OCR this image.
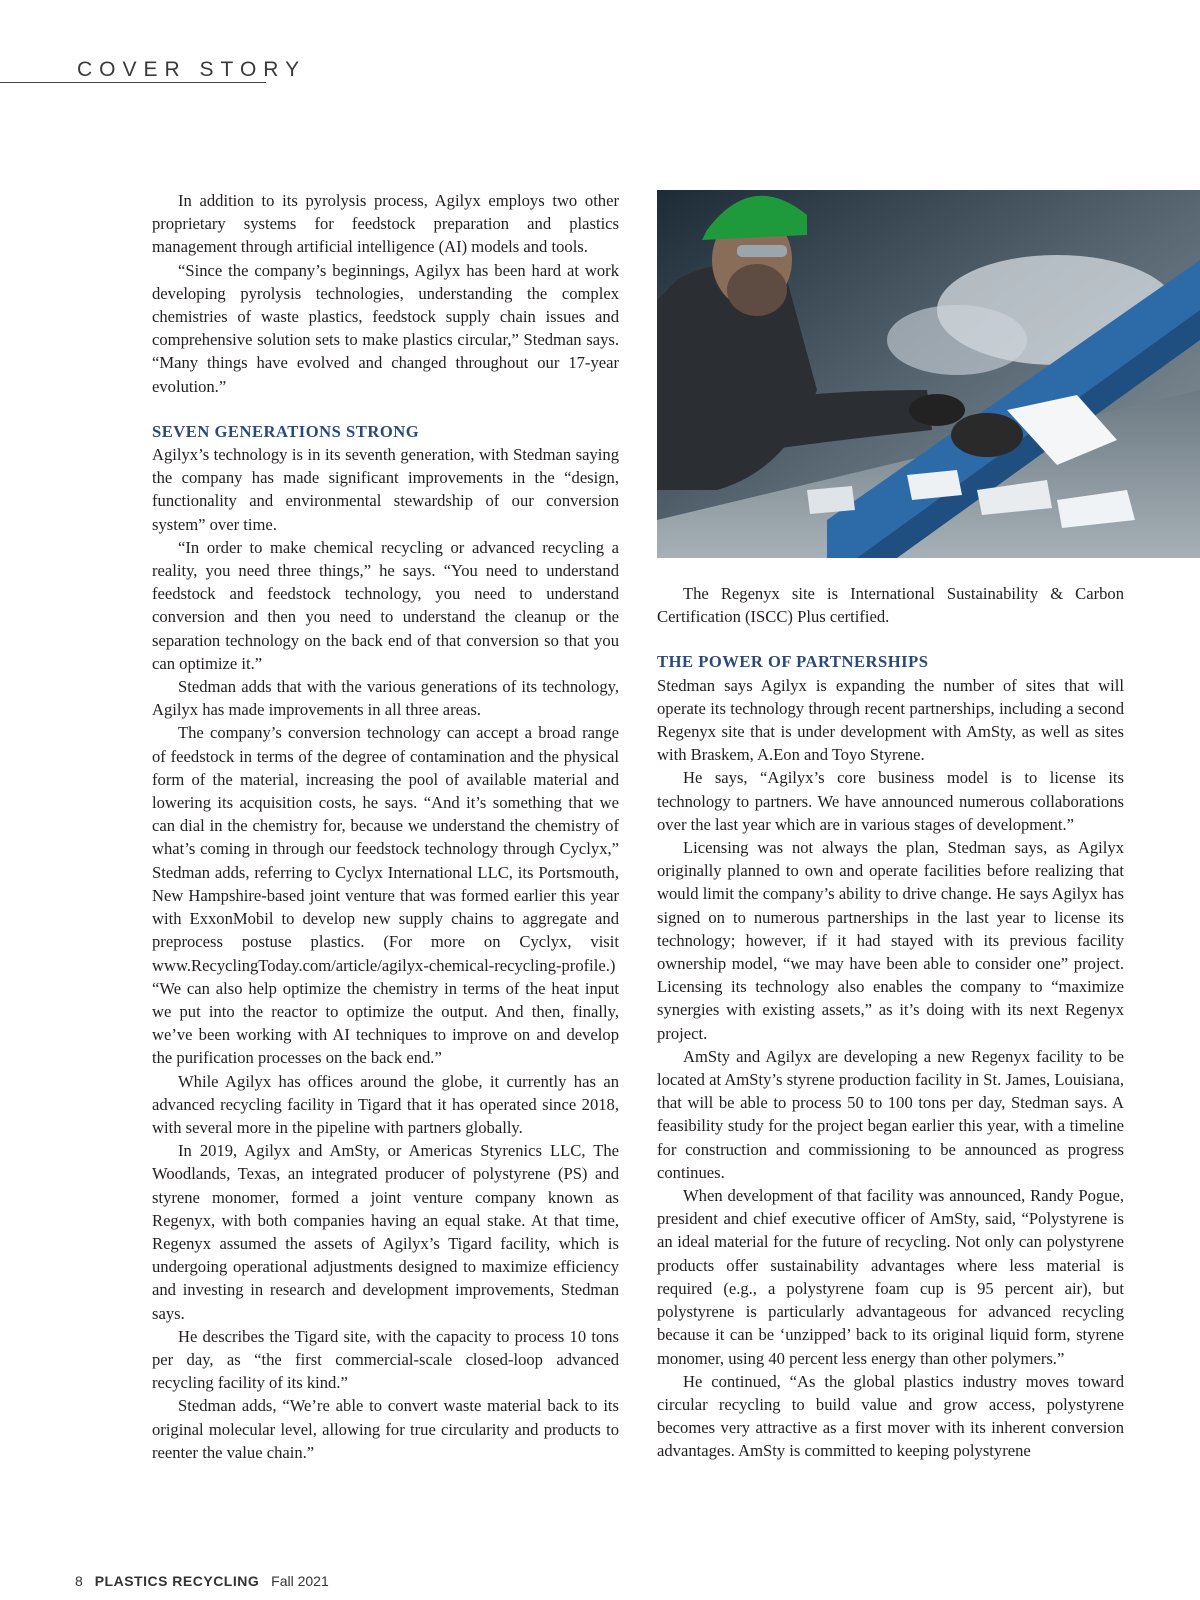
COVER STORY

In addition to its pyrolysis process, Agilyx employs two other proprietary systems for feedstock preparation and plastics management through artificial intelligence (AI) models and tools.

“Since the company’s beginnings, Agilyx has been hard at work developing pyrolysis technologies, understanding the complex chemistries of waste plastics, feedstock supply chain issues and comprehensive solution sets to make plastics circular,” Stedman says. “Many things have evolved and changed throughout our 17-year evolution.”

SEVEN GENERATIONS STRONG

Agilyx’s technology is in its seventh generation, with Stedman saying the company has made significant improvements in the “design, functionality and environmental stewardship of our conversion system” over time.

“In order to make chemical recycling or advanced recycling a reality, you need three things,” he says. “You need to understand feedstock and feedstock technology, you need to understand conversion and then you need to understand the cleanup or the separation technology on the back end of that conversion so that you can optimize it.”

Stedman adds that with the various generations of its technology, Agilyx has made improvements in all three areas.

The company’s conversion technology can accept a broad range of feedstock in terms of the degree of contamination and the physical form of the material, increasing the pool of available material and lowering its acquisition costs, he says. “And it’s something that we can dial in the chemistry for, because we understand the chemistry of what’s coming in through our feedstock technology through Cyclyx,” Stedman adds, referring to Cyclyx International LLC, its Portsmouth, New Hampshire-based joint venture that was formed earlier this year with ExxonMobil to develop new supply chains to aggregate and preprocess postuse plastics. (For more on Cyclyx, visit www.RecyclingToday.com/article/agilyx-chemical-recycling-profile.) “We can also help optimize the chemistry in terms of the heat input we put into the reactor to optimize the output. And then, finally, we’ve been working with AI techniques to improve on and develop the purification processes on the back end.”

While Agilyx has offices around the globe, it currently has an advanced recycling facility in Tigard that it has operated since 2018, with several more in the pipeline with partners globally.

In 2019, Agilyx and AmSty, or Americas Styrenics LLC, The Woodlands, Texas, an integrated producer of polystyrene (PS) and styrene monomer, formed a joint venture company known as Regenyx, with both companies having an equal stake. At that time, Regenyx assumed the assets of Agilyx’s Tigard facility, which is undergoing operational adjustments designed to maximize efficiency and investing in research and development improvements, Stedman says.

He describes the Tigard site, with the capacity to process 10 tons per day, as “the first commercial-scale closed-loop advanced recycling facility of its kind.”

Stedman adds, “We’re able to convert waste material back to its original molecular level, allowing for true circularity and products to reenter the value chain.”

The Regenyx site is International Sustainability & Carbon Certification (ISCC) Plus certified.

THE POWER OF PARTNERSHIPS

Stedman says Agilyx is expanding the number of sites that will operate its technology through recent partnerships, including a second Regenyx site that is under development with AmSty, as well as sites with Braskem, A.Eon and Toyo Styrene.

He says, “Agilyx’s core business model is to license its technology to partners. We have announced numerous collaborations over the last year which are in various stages of development.”

Licensing was not always the plan, Stedman says, as Agilyx originally planned to own and operate facilities before realizing that would limit the company’s ability to drive change. He says Agilyx has signed on to numerous partnerships in the last year to license its technology; however, if it had stayed with its previous facility ownership model, “we may have been able to consider one” project. Licensing its technology also enables the company to “maximize synergies with existing assets,” as it’s doing with its next Regenyx project.

AmSty and Agilyx are developing a new Regenyx facility to be located at AmSty’s styrene production facility in St. James, Louisiana, that will be able to process 50 to 100 tons per day, Stedman says. A feasibility study for the project began earlier this year, with a timeline for construction and commissioning to be announced as progress continues.

When development of that facility was announced, Randy Pogue, president and chief executive officer of AmSty, said, “Polystyrene is an ideal material for the future of recycling. Not only can polystyrene products offer sustainability advantages where less material is required (e.g., a polystyrene foam cup is 95 percent air), but polystyrene is particularly advantageous for advanced recycling because it can be ‘unzipped’ back to its original liquid form, styrene monomer, using 40 percent less energy than other polymers.”

He continued, “As the global plastics industry moves toward circular recycling to build value and grow access, polystyrene becomes very attractive as a first mover with its inherent conversion advantages. AmSty is committed to keeping polystyrene

8 PLASTICS RECYCLING Fall 2021
